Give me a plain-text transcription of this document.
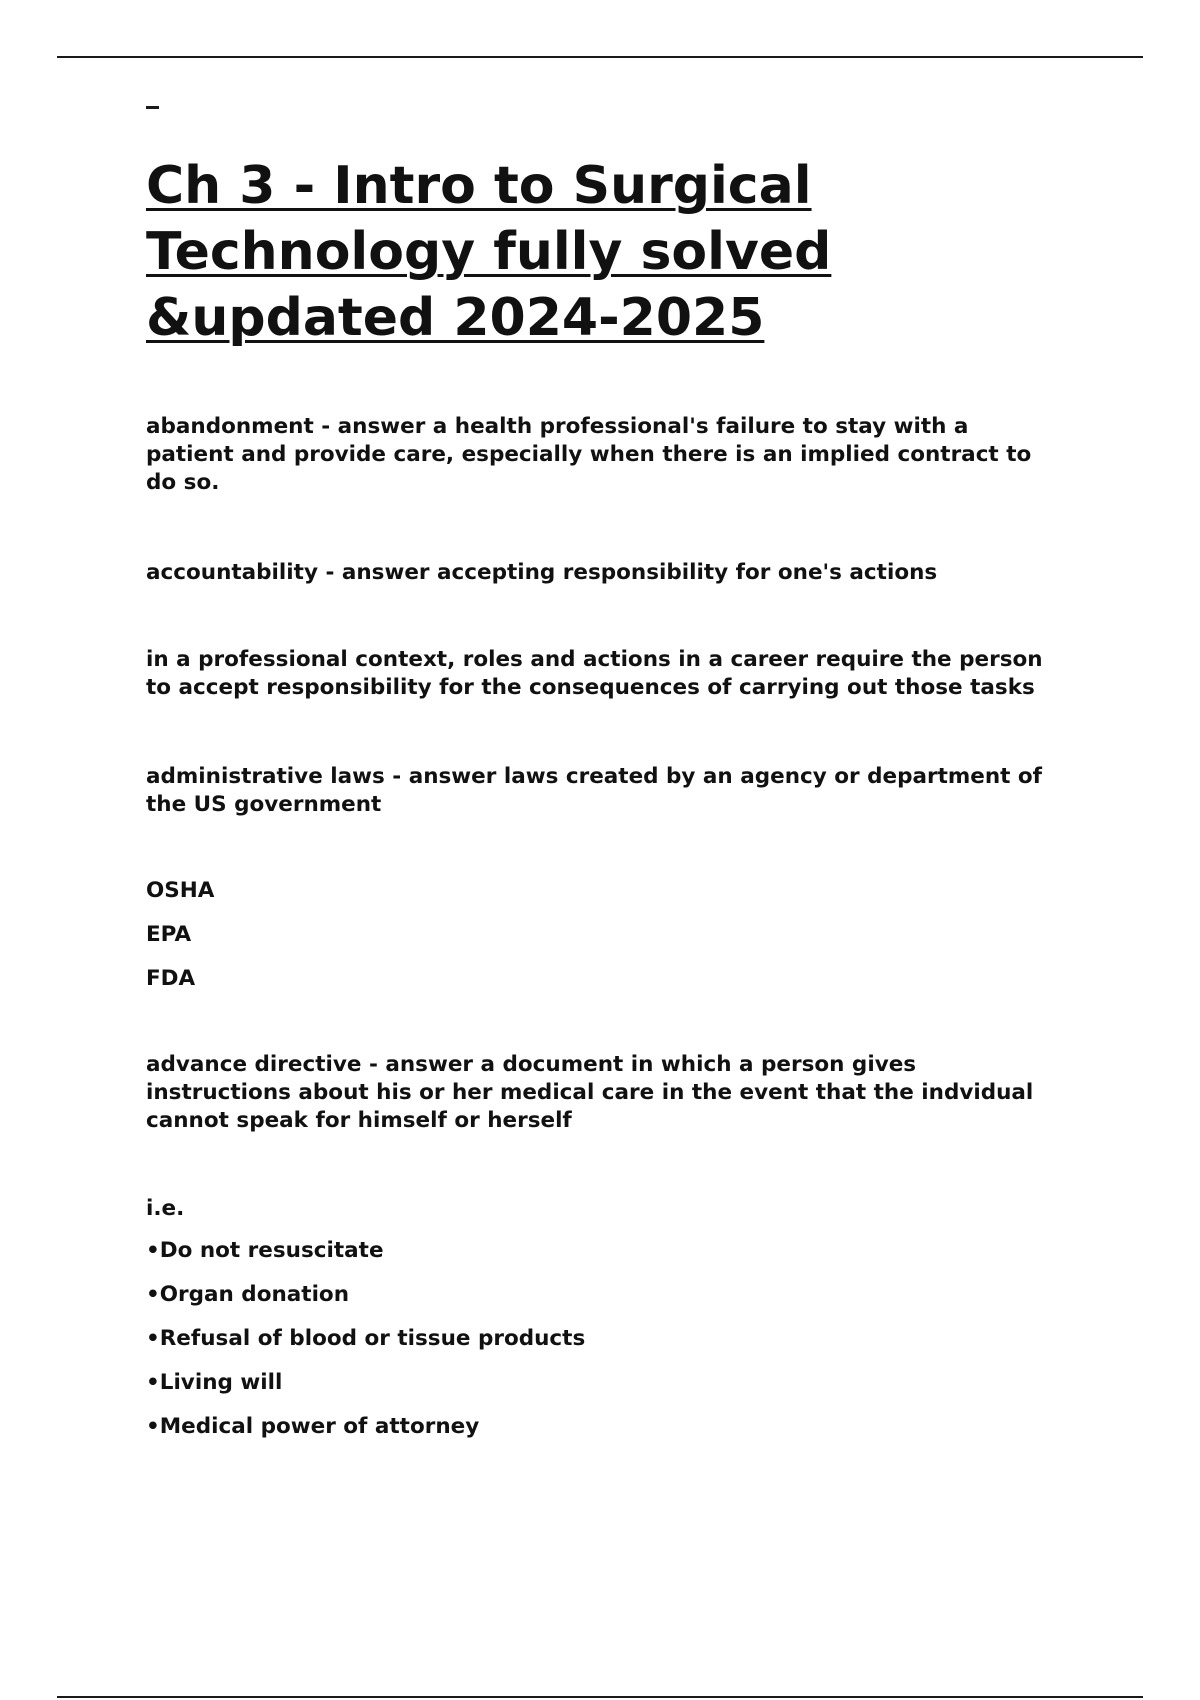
Ch 3 - Intro to Surgical
Technology fully solved
&updated 2024-2025

abandonment - answer a health professional's failure to stay with a
patient and provide care, especially when there is an implied contract to
do so.

accountability - answer accepting responsibility for one's actions

in a professional context, roles and actions in a career require the person
to accept responsibility for the consequences of carrying out those tasks

administrative laws - answer laws created by an agency or department of
the US government

OSHA

EPA

FDA

advance directive - answer a document in which a person gives
instructions about his or her medical care in the event that the indvidual
cannot speak for himself or herself

i.e.

•Do not resuscitate

•Organ donation

•Refusal of blood or tissue products

•Living will

•Medical power of attorney
